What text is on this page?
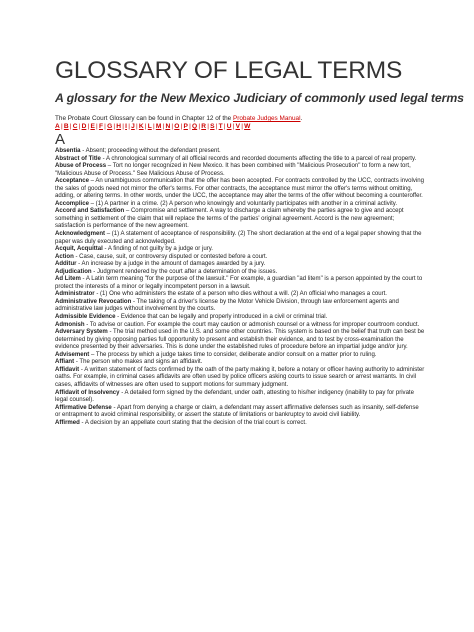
GLOSSARY OF LEGAL TERMS
A glossary for the New Mexico Judiciary of commonly used legal terms
The Probate Court Glossary can be found in Chapter 12 of the Probate Judges Manual.
A|B|C|D|E|F|G|H|I|J|K|L|M|N|O|P|Q|R|S|T|U|V|W
A

Absentia - Absent; proceeding without the defendant present.

Abstract of Title - A chronological summary of all official records and recorded documents affecting the title to a parcel of real property.

Abuse of Process – Tort no longer recognized in New Mexico. It has been combined with "Malicious Prosecution" to form a new tort, "Malicious Abuse of Process." See Malicious Abuse of Process.

Acceptance – An unambiguous communication that the offer has been accepted. For contracts controlled by the UCC, contracts involving the sales of goods need not mirror the offer's terms. For other contracts, the acceptance must mirror the offer's terms without omitting, adding, or altering terms. In other words, under the UCC, the acceptance may alter the terms of the offer without becoming a counteroffer.

Accomplice – (1) A partner in a crime. (2) A person who knowingly and voluntarily participates with another in a criminal activity.

Accord and Satisfaction – Compromise and settlement. A way to discharge a claim whereby the parties agree to give and accept something in settlement of the claim that will replace the terms of the parties' original agreement. Accord is the new agreement; satisfaction is performance of the new agreement.

Acknowledgment – (1) A statement of acceptance of responsibility. (2) The short declaration at the end of a legal paper showing that the paper was duly executed and acknowledged.

Acquit, Acquittal - A finding of not guilty by a judge or jury.

Action - Case, cause, suit, or controversy disputed or contested before a court.

Additur - An increase by a judge in the amount of damages awarded by a jury.

Adjudication - Judgment rendered by the court after a determination of the issues.

Ad Litem - A Latin term meaning "for the purpose of the lawsuit." For example, a guardian "ad litem" is a person appointed by the court to protect the interests of a minor or legally incompetent person in a lawsuit.

Administrator - (1) One who administers the estate of a person who dies without a will. (2) An official who manages a court.

Administrative Revocation - The taking of a driver's license by the Motor Vehicle Division, through law enforcement agents and administrative law judges without involvement by the courts.

Admissible Evidence - Evidence that can be legally and properly introduced in a civil or criminal trial.

Admonish - To advise or caution. For example the court may caution or admonish counsel or a witness for improper courtroom conduct.

Adversary System - The trial method used in the U.S. and some other countries. This system is based on the belief that truth can best be determined by giving opposing parties full opportunity to present and establish their evidence, and to test by cross-examination the evidence presented by their adversaries. This is done under the established rules of procedure before an impartial judge and/or jury.

Advisement – The process by which a judge takes time to consider, deliberate and/or consult on a matter prior to ruling.

Affiant - The person who makes and signs an affidavit.

Affidavit - A written statement of facts confirmed by the oath of the party making it, before a notary or officer having authority to administer oaths. For example, in criminal cases affidavits are often used by police officers asking courts to issue search or arrest warrants. In civil cases, affidavits of witnesses are often used to support motions for summary judgment.

Affidavit of Insolvency - A detailed form signed by the defendant, under oath, attesting to his/her indigency (inability to pay for private legal counsel).

Affirmative Defense - Apart from denying a charge or claim, a defendant may assert affirmative defenses such as insanity, self-defense or entrapment to avoid criminal responsibility, or assert the statute of limitations or bankruptcy to avoid civil liability.

Affirmed - A decision by an appellate court stating that the decision of the trial court is correct.
